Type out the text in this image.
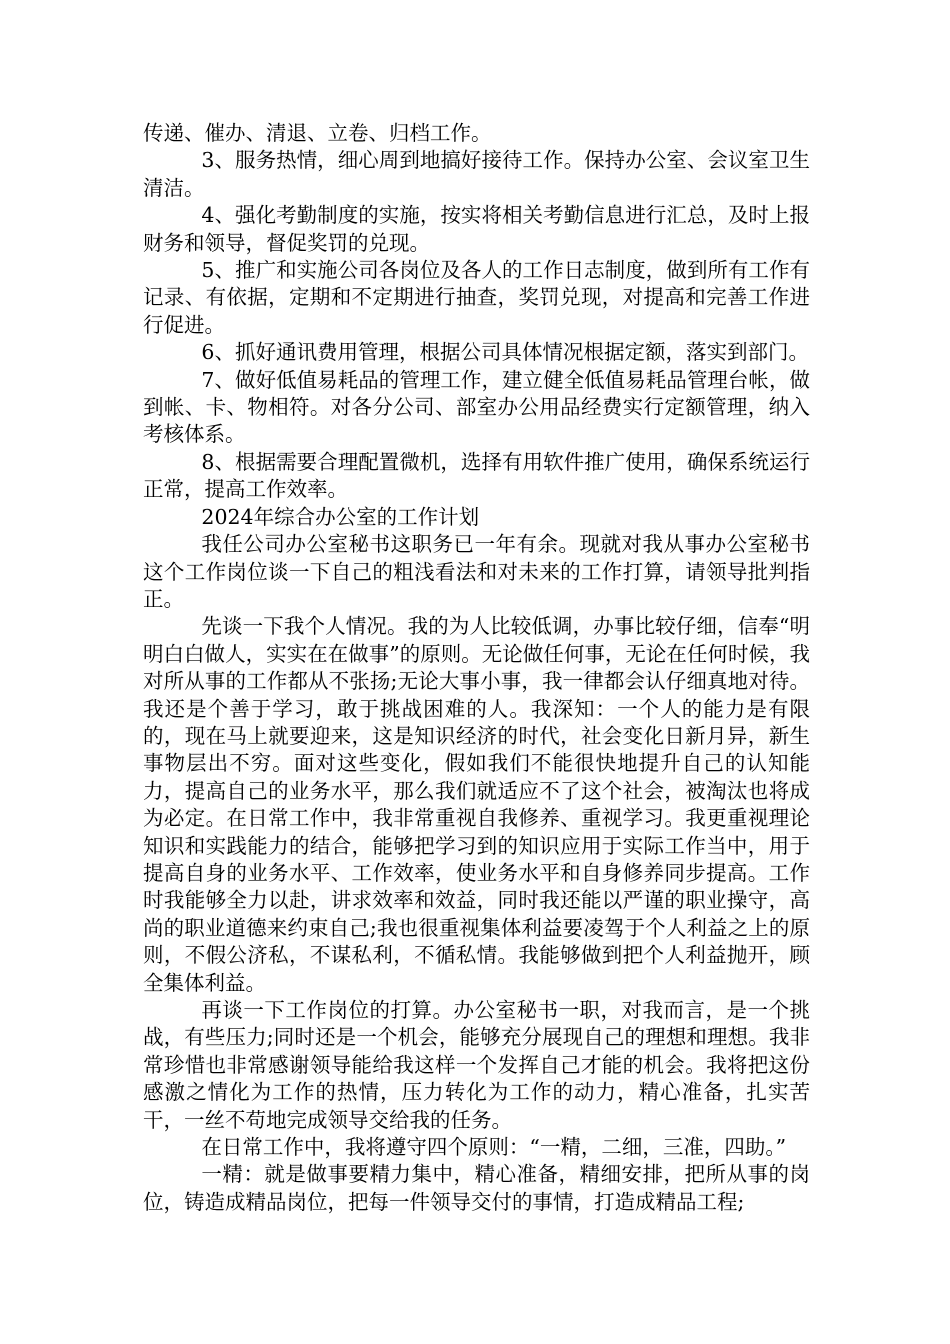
传递、催办、清退、立卷、归档工作。

3、服务热情，细心周到地搞好接待工作。保持办公室、会议室卫生清洁。

4、强化考勤制度的实施，按实将相关考勤信息进行汇总，及时上报财务和领导，督促奖罚的兑现。

5、推广和实施公司各岗位及各人的工作日志制度，做到所有工作有记录、有依据，定期和不定期进行抽查，奖罚兑现，对提高和完善工作进行促进。

6、抓好通讯费用管理，根据公司具体情况根据定额，落实到部门。

7、做好低值易耗品的管理工作，建立健全低值易耗品管理台帐，做到帐、卡、物相符。对各分公司、部室办公用品经费实行定额管理，纳入考核体系。

8、根据需要合理配置微机，选择有用软件推广使用，确保系统运行正常，提高工作效率。

2024年综合办公室的工作计划

我任公司办公室秘书这职务已一年有余。现就对我从事办公室秘书这个工作岗位谈一下自己的粗浅看法和对未来的工作打算，请领导批判指正。

先谈一下我个人情况。我的为人比较低调，办事比较仔细，信奉“明明白白做人，实实在在做事”的原则。无论做任何事，无论在任何时候，我对所从事的工作都从不张扬;无论大事小事，我一律都会认仔细真地对待。我还是个善于学习，敢于挑战困难的人。我深知：一个人的能力是有限的，现在马上就要迎来，这是知识经济的时代，社会变化日新月异，新生事物层出不穷。面对这些变化，假如我们不能很快地提升自己的认知能力，提高自己的业务水平，那么我们就适应不了这个社会，被淘汰也将成为必定。在日常工作中，我非常重视自我修养、重视学习。我更重视理论知识和实践能力的结合，能够把学习到的知识应用于实际工作当中，用于提高自身的业务水平、工作效率，使业务水平和自身修养同步提高。工作时我能够全力以赴，讲求效率和效益，同时我还能以严谨的职业操守，高尚的职业道德来约束自己;我也很重视集体利益要凌驾于个人利益之上的原则，不假公济私，不谋私利，不循私情。我能够做到把个人利益抛开，顾全集体利益。

再谈一下工作岗位的打算。办公室秘书一职，对我而言，是一个挑战，有些压力;同时还是一个机会，能够充分展现自己的理想和理想。我非常珍惜也非常感谢领导能给我这样一个发挥自己才能的机会。我将把这份感激之情化为工作的热情，压力转化为工作的动力，精心准备，扎实苦干，一丝不苟地完成领导交给我的任务。

在日常工作中，我将遵守四个原则：“一精，二细，三准，四助。”

一精：就是做事要精力集中，精心准备，精细安排，把所从事的岗位，铸造成精品岗位，把每一件领导交付的事情，打造成精品工程;
